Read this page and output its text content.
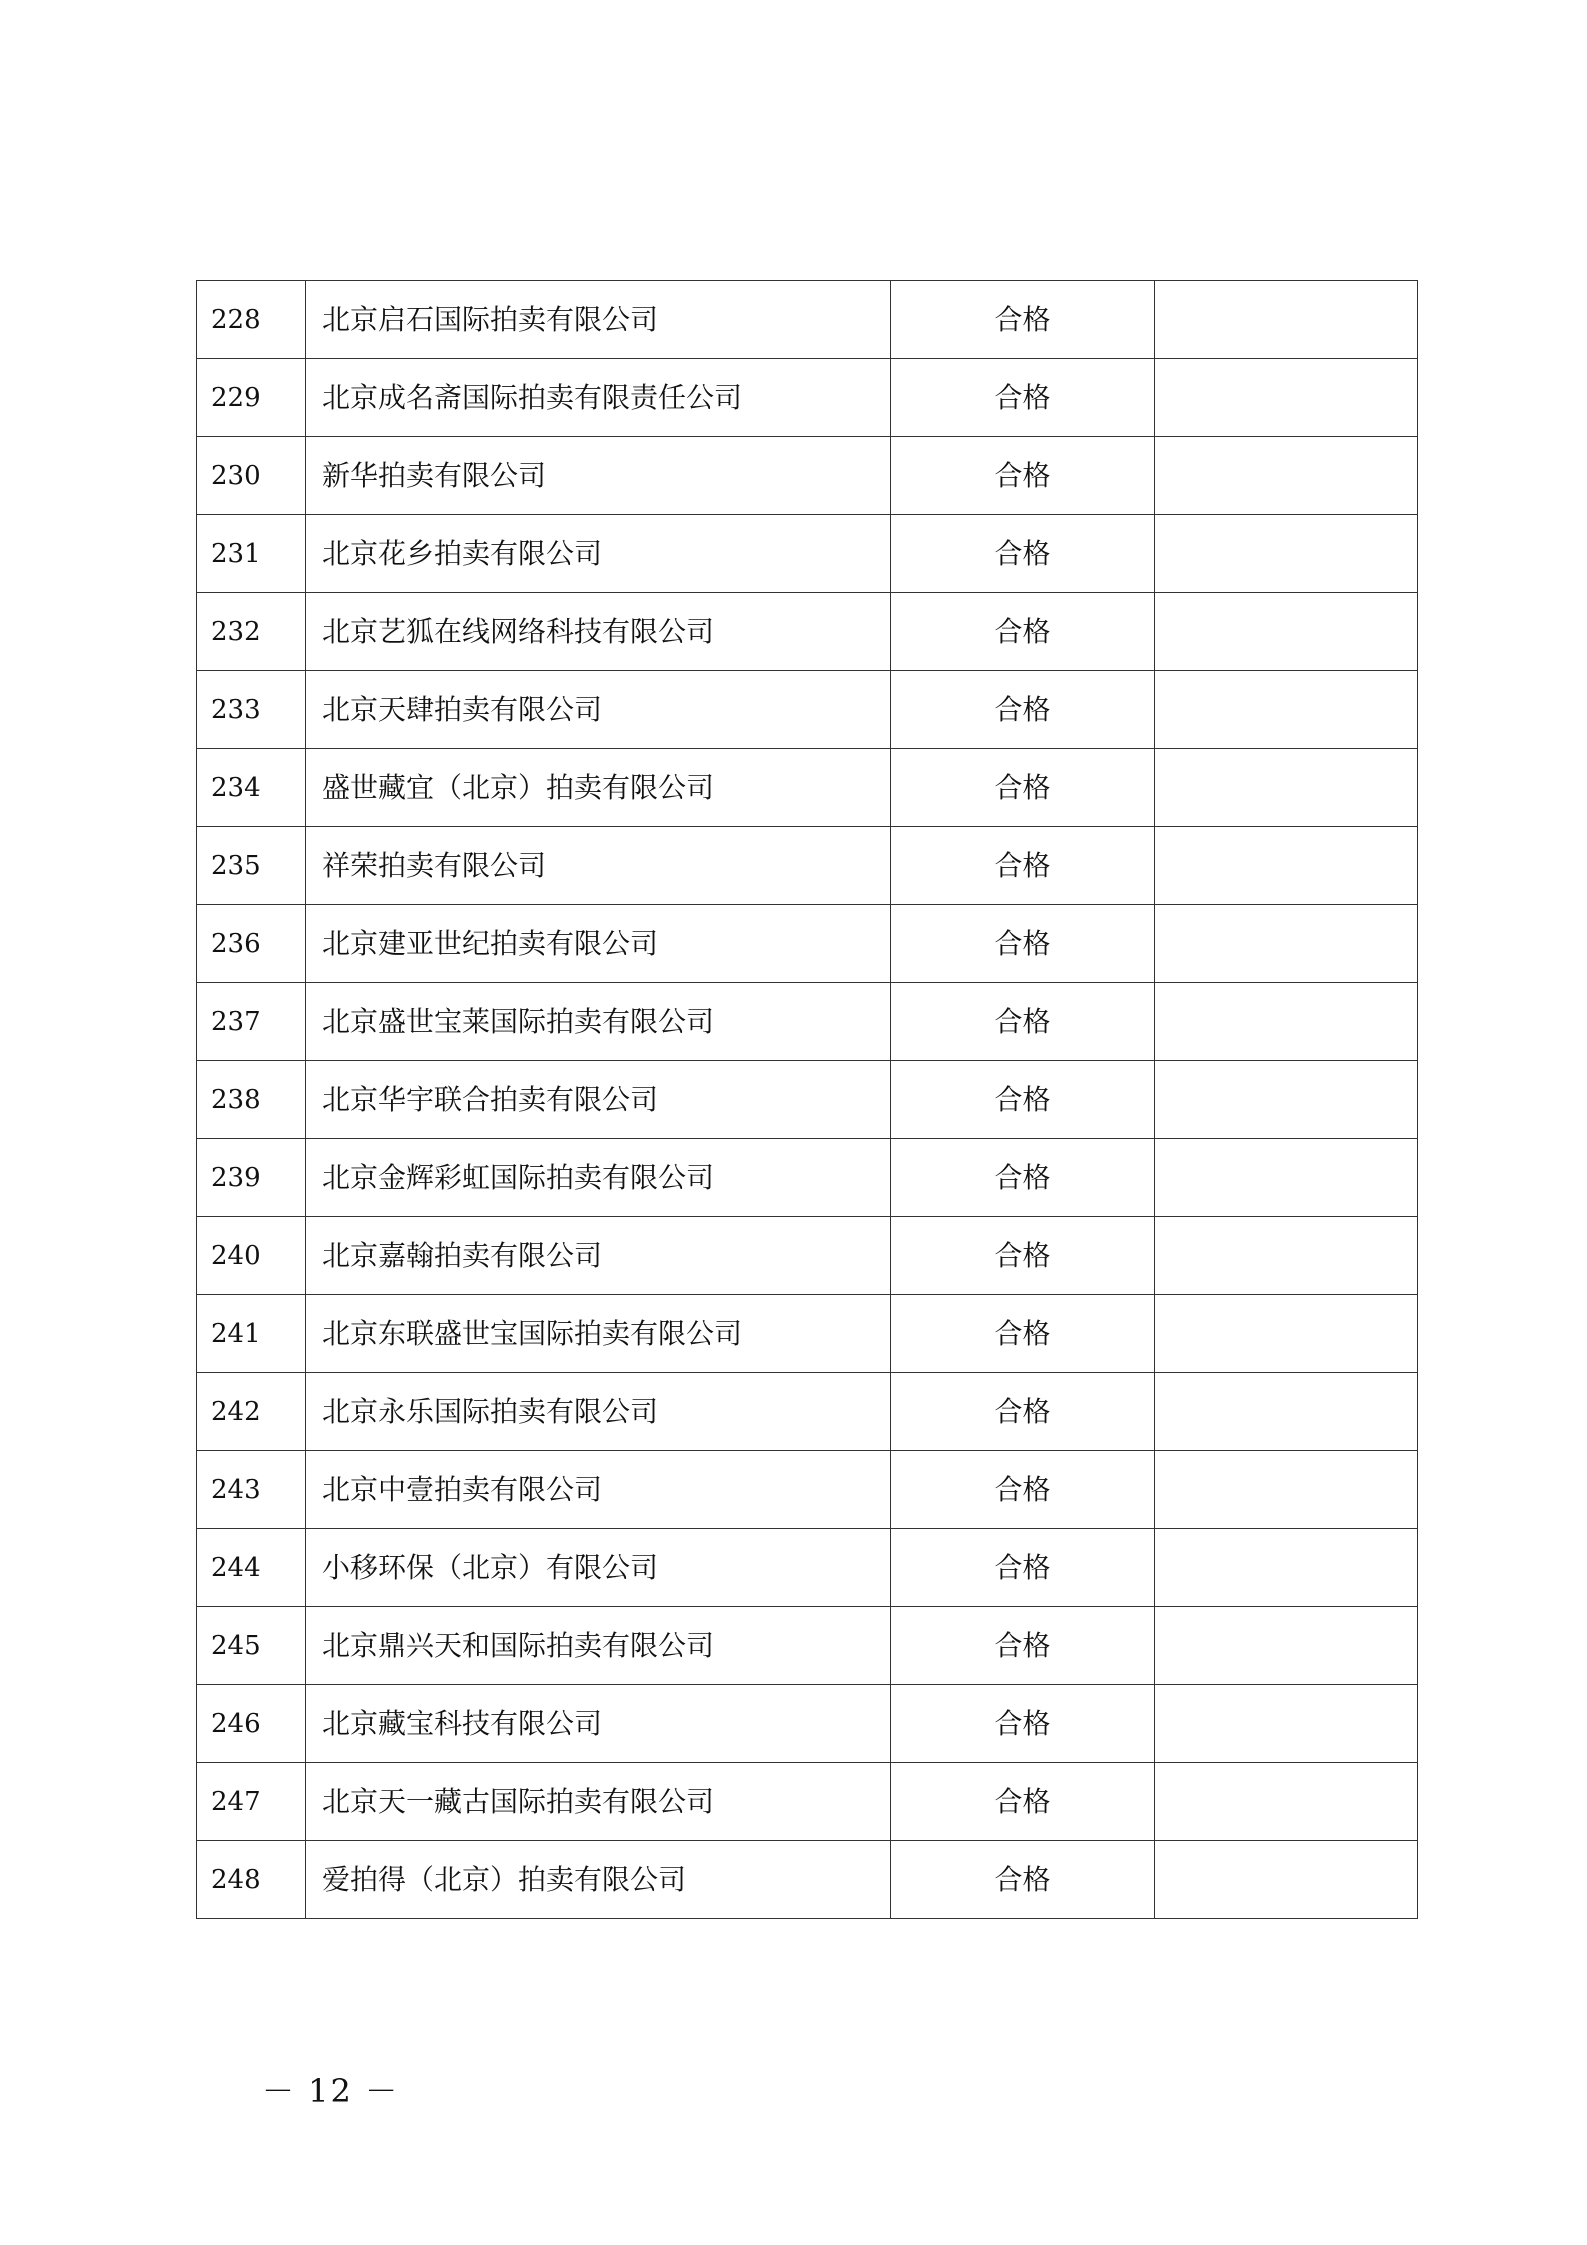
228	北京启石国际拍卖有限公司	合格	
229	北京成名斋国际拍卖有限责任公司	合格	
230	新华拍卖有限公司	合格	
231	北京花乡拍卖有限公司	合格	
232	北京艺狐在线网络科技有限公司	合格	
233	北京天肆拍卖有限公司	合格	
234	盛世藏宜（北京）拍卖有限公司	合格	
235	祥荣拍卖有限公司	合格	
236	北京建亚世纪拍卖有限公司	合格	
237	北京盛世宝莱国际拍卖有限公司	合格	
238	北京华宇联合拍卖有限公司	合格	
239	北京金辉彩虹国际拍卖有限公司	合格	
240	北京嘉翰拍卖有限公司	合格	
241	北京东联盛世宝国际拍卖有限公司	合格	
242	北京永乐国际拍卖有限公司	合格	
243	北京中壹拍卖有限公司	合格	
244	小移环保（北京）有限公司	合格	
245	北京鼎兴天和国际拍卖有限公司	合格	
246	北京藏宝科技有限公司	合格	
247	北京天一藏古国际拍卖有限公司	合格	
248	爱拍得（北京）拍卖有限公司	合格	
－ 12 －
